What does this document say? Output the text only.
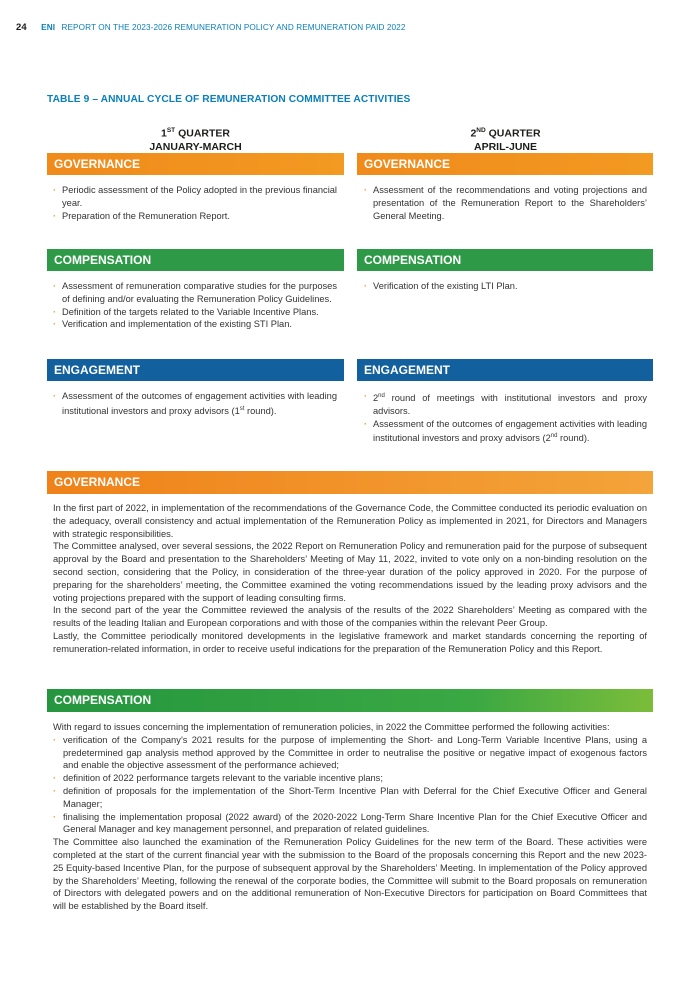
24 ENI REPORT ON THE 2023-2026 REMUNERATION POLICY AND REMUNERATION PAID 2022
TABLE 9 – ANNUAL CYCLE OF REMUNERATION COMMITTEE ACTIVITIES
1ST QUARTER
JANUARY-MARCH
GOVERNANCE
· Periodic assessment of the Policy adopted in the previous financial year.
· Preparation of the Remuneration Report.
COMPENSATION
· Assessment of remuneration comparative studies for the purposes of defining and/or evaluating the Remuneration Policy Guidelines.
· Definition of the targets related to the Variable Incentive Plans.
· Verification and implementation of the existing STI Plan.
ENGAGEMENT
· Assessment of the outcomes of engagement activities with leading institutional investors and proxy advisors (1st round).
2ND QUARTER
APRIL-JUNE
GOVERNANCE
· Assessment of the recommendations and voting projections and presentation of the Remuneration Report to the Shareholders’ General Meeting.
COMPENSATION
· Verification of the existing LTI Plan.
ENGAGEMENT
· 2nd round of meetings with institutional investors and proxy advisors.
· Assessment of the outcomes of engagement activities with leading institutional investors and proxy advisors (2nd round).
GOVERNANCE

In the first part of 2022, in implementation of the recommendations of the Governance Code, the Committee conducted its periodic evaluation on the adequacy, overall consistency and actual implementation of the Remuneration Policy as implemented in 2021, for Directors and Managers with strategic responsibilities.

The Committee analysed, over several sessions, the 2022 Report on Remuneration Policy and remuneration paid for the purpose of subsequent approval by the Board and presentation to the Shareholders’ Meeting of May 11, 2022, invited to vote only on a non-binding resolution on the second section, considering that the Policy, in consideration of the three-year duration of the policy approved in 2020. For the purpose of preparing for the shareholders’ meeting, the Committee examined the voting recommendations issued by the leading proxy advisors and the voting projections prepared with the support of leading consulting firms.

In the second part of the year the Committee reviewed the analysis of the results of the 2022 Shareholders’ Meeting as compared with the results of the leading Italian and European corporations and with those of the companies within the relevant Peer Group.

Lastly, the Committee periodically monitored developments in the legislative framework and market standards concerning the reporting of remuneration-related information, in order to receive useful indications for the preparation of the Remuneration Policy and this Report.

COMPENSATION

With regard to issues concerning the implementation of remuneration policies, in 2022 the Committee performed the following activities:

· verification of the Company’s 2021 results for the purpose of implementing the Short- and Long-Term Variable Incentive Plans, using a predetermined gap analysis method approved by the Committee in order to neutralise the positive or negative impact of exogenous factors and enable the objective assessment of the performance achieved;
· definition of 2022 performance targets relevant to the variable incentive plans;
· definition of proposals for the implementation of the Short-Term Incentive Plan with Deferral for the Chief Executive Officer and General Manager;
· finalising the implementation proposal (2022 award) of the 2020-2022 Long-Term Share Incentive Plan for the Chief Executive Officer and General Manager and key management personnel, and preparation of related guidelines.

The Committee also launched the examination of the Remuneration Policy Guidelines for the new term of the Board. These activities were completed at the start of the current financial year with the submission to the Board of the proposals concerning this Report and the new 2023-25 Equity-based Incentive Plan, for the purpose of subsequent approval by the Shareholders’ Meeting. In implementation of the Policy approved by the Shareholders’ Meeting, following the renewal of the corporate bodies, the Committee will submit to the Board proposals on remuneration of Directors with delegated powers and on the additional remuneration of Non-Executive Directors for participation on Board Committees that will be established by the Board itself.
